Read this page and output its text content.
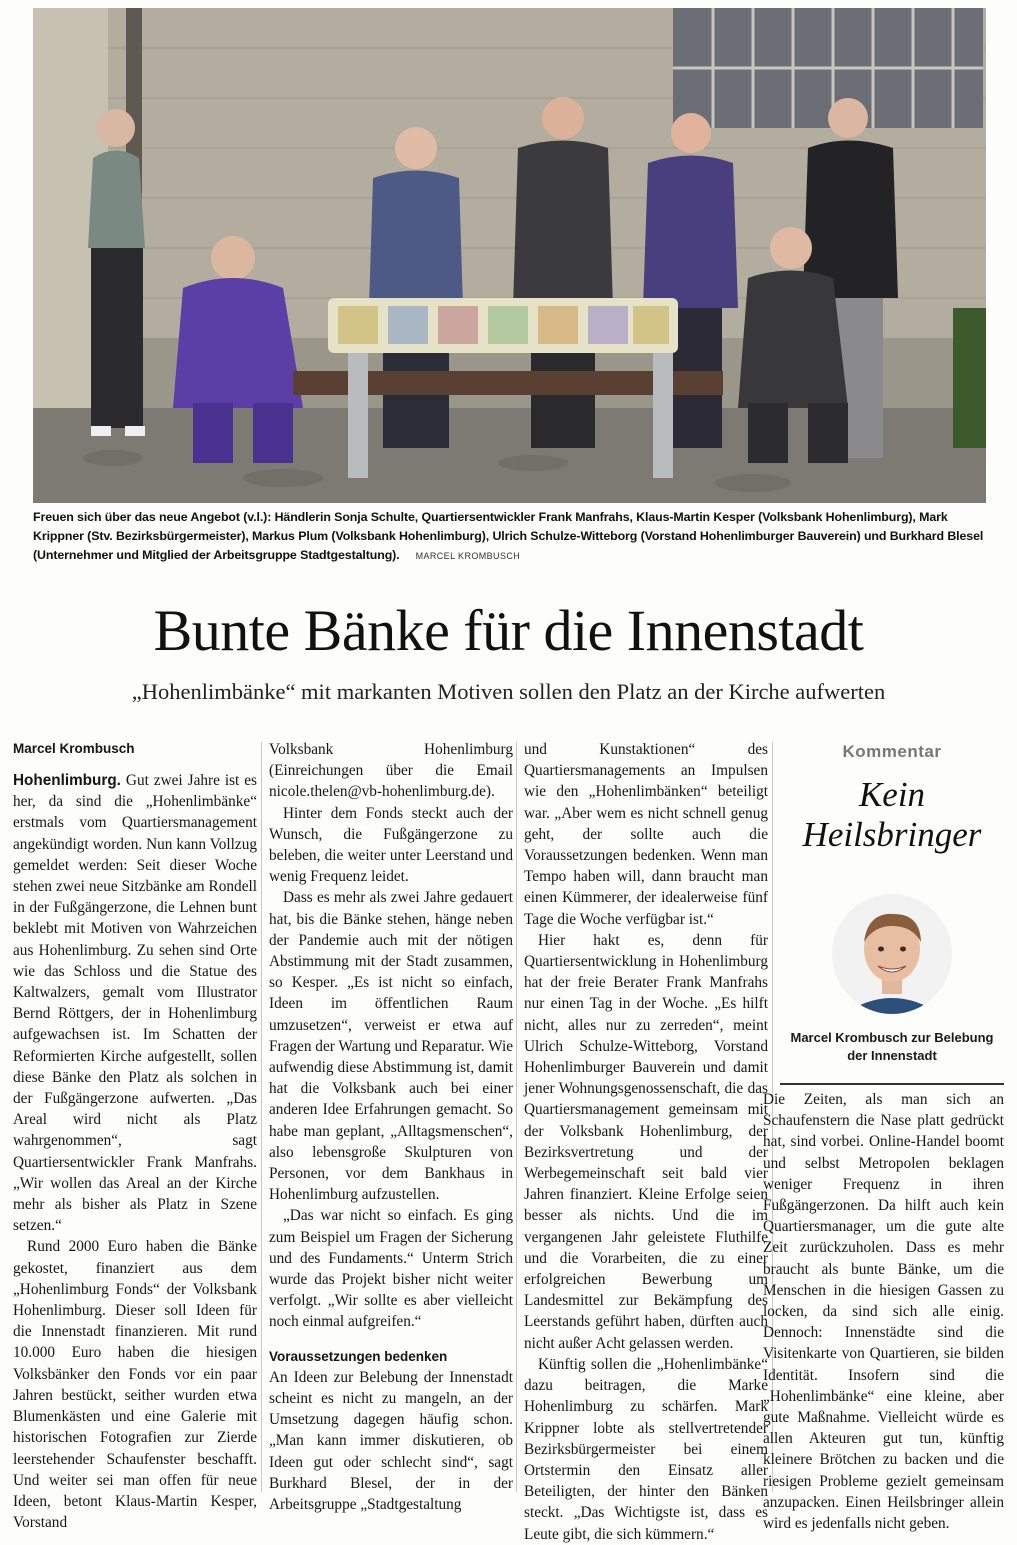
Freuen sich über das neue Angebot (v.l.): Händlerin Sonja Schulte, Quartiersentwickler Frank Manfrahs, Klaus-Martin Kesper (Volksbank Hohenlimburg), Mark Krippner (Stv. Bezirksbürgermeister), Markus Plum (Volksbank Hohenlimburg), Ulrich Schulze-Witteborg (Vorstand Hohenlimburger Bauverein) und Burkhard Blesel (Unternehmer und Mitglied der Arbeitsgruppe Stadtgestaltung). MARCEL KROMBUSCH
Bunte Bänke für die Innenstadt
„Hohenlimbänke“ mit markanten Motiven sollen den Platz an der Kirche aufwerten
Marcel Krombusch

Hohenlimburg. Gut zwei Jahre ist es her, da sind die „Hohenlimbänke“ erstmals vom Quartiersmanagement angekündigt worden. Nun kann Vollzug gemeldet werden: Seit dieser Woche stehen zwei neue Sitzbänke am Rondell in der Fußgängerzone, die Lehnen bunt beklebt mit Motiven von Wahrzeichen aus Hohenlimburg. Zu sehen sind Orte wie das Schloss und die Statue des Kaltwalzers, gemalt vom Illustrator Bernd Röttgers, der in Hohenlimburg aufgewachsen ist. Im Schatten der Reformierten Kirche aufgestellt, sollen diese Bänke den Platz als solchen in der Fußgängerzone aufwerten. „Das Areal wird nicht als Platz wahrgenommen“, sagt Quartiersentwickler Frank Manfrahs. „Wir wollen das Areal an der Kirche mehr als bisher als Platz in Szene setzen.“

Rund 2000 Euro haben die Bänke gekostet, finanziert aus dem „Hohenlimburg Fonds“ der Volksbank Hohenlimburg. Dieser soll Ideen für die Innenstadt finanzieren. Mit rund 10.000 Euro haben die hiesigen Volksbänker den Fonds vor ein paar Jahren bestückt, seither wurden etwa Blumenkästen und eine Galerie mit historischen Fotografien zur Zierde leerstehender Schaufenster beschafft. Und weiter sei man offen für neue Ideen, betont Klaus-Martin Kesper, Vorstand

Volksbank Hohenlimburg (Einreichungen über die Email nicole.thelen@vb-hohenlimburg.de).

Hinter dem Fonds steckt auch der Wunsch, die Fußgängerzone zu beleben, die weiter unter Leerstand und wenig Frequenz leidet.

Dass es mehr als zwei Jahre gedauert hat, bis die Bänke stehen, hänge neben der Pandemie auch mit der nötigen Abstimmung mit der Stadt zusammen, so Kesper. „Es ist nicht so einfach, Ideen im öffentlichen Raum umzusetzen“, verweist er etwa auf Fragen der Wartung und Reparatur. Wie aufwendig diese Abstimmung ist, damit hat die Volksbank auch bei einer anderen Idee Erfahrungen gemacht. So habe man geplant, „Alltagsmenschen“, also lebensgroße Skulpturen von Personen, vor dem Bankhaus in Hohenlimburg aufzustellen.

„Das war nicht so einfach. Es ging zum Beispiel um Fragen der Sicherung und des Fundaments.“ Unterm Strich wurde das Projekt bisher nicht weiter verfolgt. „Wir sollte es aber vielleicht noch einmal aufgreifen.“

Voraussetzungen bedenken

An Ideen zur Belebung der Innenstadt scheint es nicht zu mangeln, an der Umsetzung dagegen häufig schon. „Man kann immer diskutieren, ob Ideen gut oder schlecht sind“, sagt Burkhard Blesel, der in der Arbeitsgruppe „Stadtgestaltung

und Kunstaktionen“ des Quartiersmanagements an Impulsen wie den „Hohenlimbänken“ beteiligt war. „Aber wem es nicht schnell genug geht, der sollte auch die Voraussetzungen bedenken. Wenn man Tempo haben will, dann braucht man einen Kümmerer, der idealerweise fünf Tage die Woche verfügbar ist.“

Hier hakt es, denn für Quartiersentwicklung in Hohenlimburg hat der freie Berater Frank Manfrahs nur einen Tag in der Woche. „Es hilft nicht, alles nur zu zerreden“, meint Ulrich Schulze-Witteborg, Vorstand Hohenlimburger Bauverein und damit jener Wohnungsgenossenschaft, die das Quartiersmanagement gemeinsam mit der Volksbank Hohenlimburg, der Bezirksvertretung und der Werbegemeinschaft seit bald vier Jahren finanziert. Kleine Erfolge seien besser als nichts. Und die im vergangenen Jahr geleistete Fluthilfe und die Vorarbeiten, die zu einer erfolgreichen Bewerbung um Landesmittel zur Bekämpfung des Leerstands geführt haben, dürften auch nicht außer Acht gelassen werden.

Künftig sollen die „Hohenlimbänke“ dazu beitragen, die Marke Hohenlimburg zu schärfen. Mark Krippner lobte als stellvertretender Bezirksbürgermeister bei einem Ortstermin den Einsatz aller Beteiligten, der hinter den Bänken steckt. „Das Wichtigste ist, dass es Leute gibt, die sich kümmern.“

Kommentar
Kein
Heilsbringer
Marcel Krombusch zur Belebung der Innenstadt

Die Zeiten, als man sich an Schaufenstern die Nase platt gedrückt hat, sind vorbei. Online-Handel boomt und selbst Metropolen beklagen weniger Frequenz in ihren Fußgängerzonen. Da hilft auch kein Quartiersmanager, um die gute alte Zeit zurückzuholen. Dass es mehr braucht als bunte Bänke, um die Menschen in die hiesigen Gassen zu locken, da sind sich alle einig. Dennoch: Innenstädte sind die Visitenkarte von Quartieren, sie bilden Identität. Insofern sind die „Hohenlimbänke“ eine kleine, aber gute Maßnahme. Vielleicht würde es allen Akteuren gut tun, künftig kleinere Brötchen zu backen und die riesigen Probleme gezielt gemeinsam anzupacken. Einen Heilsbringer allein wird es jedenfalls nicht geben.
